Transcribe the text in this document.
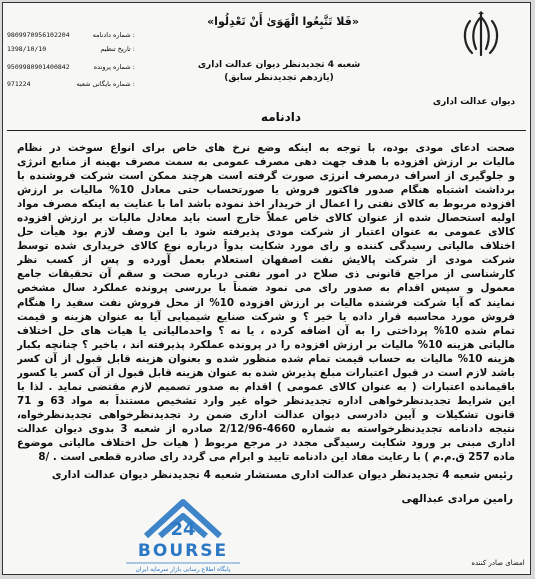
دیوان عدالت اداری
«فَلا تَتَّبِعُوا الْهَوَیٰ أَنْ تَعْدِلُوا»
شعبه 4 تجدیدنظر دیوان عدالت اداری
(یازدهم تجدیدنظر سابق)
دادنامه
9809970956102204	شماره دادنامه :
1398/10/10	تاریخ تنظیم :
9509980901400842	شماره پرونده :
971224	شماره بایگانی شعبه :
صحت ادعای مودی بوده، با توجه به اینکه وضع نرخ های خاص برای انواع سوخت در نظام
مالیات بر ارزش افزوده با هدف جهت دهی مصرف عمومی به سمت مصرف بهینه از منابع انرژی
و جلوگیری از اسراف درمصرف انرژی صورت گرفته است هرچند ممکن است شرکت فروشنده با
برداشت اشتباه هنگام صدور فاکتور فروش یا صورتحساب حتی معادل 10% مالیات بر ارزش
افزوده مربوط به کالای نفتی را اعمال از خریدار اخذ نموده باشد اما با عنایت به اینکه مصرف مواد
اولیه استحصال شده از عنوان کالای خاص عملاً خارج است باید معادل مالیات بر ارزش افزوده
کالای عمومی به عنوان اعتبار از شرکت مودی پذیرفته شود با این وصف لازم بود هیأت حل
اختلاف مالیاتی رسیدگی کننده و رای مورد شکایت بدواً درباره نوع کالای خریداری شده توسط
شرکت مودی از شرکت پالایش نفت اصفهان استعلام بعمل آورده و پس از کسب نظر
کارشناسی از مراجع قانونی ذی صلاح در امور نفتی درباره صحت و سقم آن تحقیقات جامع
معمول و سپس اقدام به صدور رای می نمود ضمناً با بررسی پرونده عملکرد سال مشخص
نمایند که آیا شرکت فرشنده مالیات بر ارزش افزوده 10% از محل فروش نفت سفید را هنگام
فروش مورد محاسبه قرار داده یا خیر ؟ و شرکت صنایع شیمیایی آیا به عنوان هزینه و قیمت
تمام شده 10% پرداختی را به آن اضافه کرده ، یا نه ؟ واحدمالیاتی یا هیات های حل اختلاف
مالیاتی هزینه 10% مالیات بر ارزش افزوده را در پرونده عملکرد پذیرفته اند ، باخیر ؟ چنانچه بکبار
هزینه 10% مالیات به حساب قیمت تمام شده منظور شده و بعنوان هزینه قابل قبول از آن کسر
باشد لازم است در قبول اعتبارات مبلغ پذیرش شده به عنوان هزینه قابل قبول از آن کسر یا کسور
باقیمانده اعتبارات ( به عنوان کالای عمومی ) اقدام به صدور تصمیم لازم مقتضی نماید . لذا با
این شرایط تجدیدنظرخواهی اداره تجدیدنظر خواه غیر وارد تشخیص مستنداً به مواد 63 و 71
قانون تشکیلات و آیین دادرسی دیوان عدالت اداری ضمن رد تجدیدنظرخواهی تجدیدنظرخواه،
نتیجه دادنامه تجدیدنظرخواسته به شماره 4660-2/12/96 صادره از شعبه 3 بدوی دیوان عدالت
اداری مبنی بر ورود شکایت رسیدگی مجدد در مرجع مربوط ( هیات حل اختلاف مالیاتی موضوع
ماده 257 ق.م.م ) با رعایت مفاد این دادنامه تایید و ابرام می گردد رای صادره قطعی است . /8
رئیس شعبه 4 تجدیدنظر دیوان عدالت اداری مستشار شعبه 4 تجدیدنظر دیوان عدالت اداری
رامین مرادی عبدالهی
24
BOURSE
پایگاه اطلاع رسانی بازار سرمایه ایران
امضای صادر کننده
